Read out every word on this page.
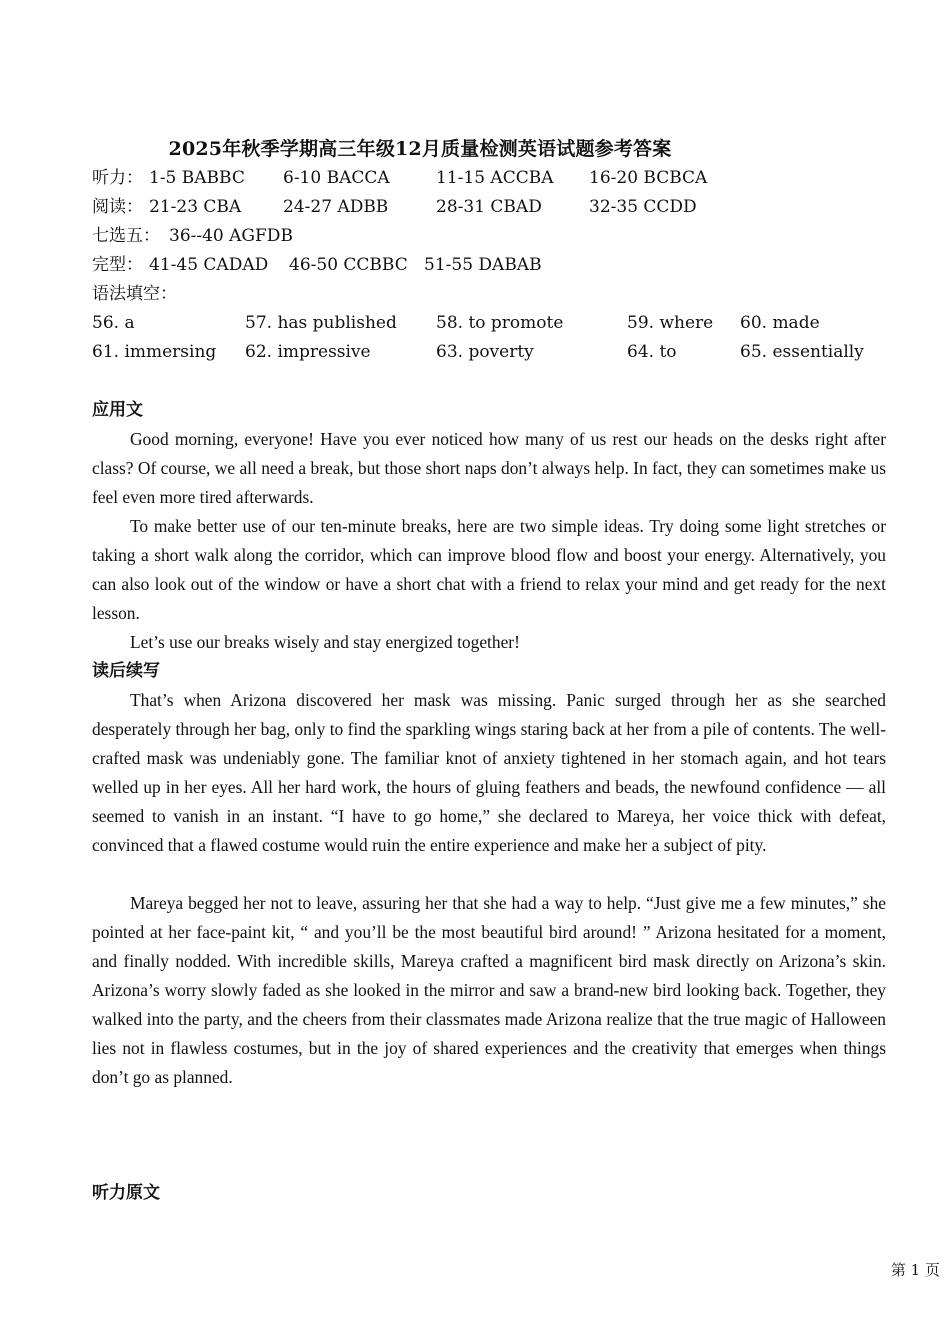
2025年秋季学期高三年级12月质量检测英语试题参考答案
听力： 1-5 BABBC 6-10 BACCA	11-15 ACCBA 16-20 BCBCA
阅读： 21-23 CBA 24-27 ADBB	28-31 CBAD	32-35 CCDD
七选五： 36--40 AGFDB
完型： 41-45 CADAD 46-50 CCBBC 51-55 DABAB
语法填空：
56. a	57. has published 58. to promote	59. where 60. made
61. immersing 62. impressive	63. poverty	64. to	65. essentially
应用文

Good morning, everyone! Have you ever noticed how many of us rest our heads on the desks right after class? Of course, we all need a break, but those short naps don’t always help. In fact, they can sometimes make us feel even more tired afterwards.

To make better use of our ten-minute breaks, here are two simple ideas. Try doing some light stretches or taking a short walk along the corridor, which can improve blood flow and boost your energy. Alternatively, you can also look out of the window or have a short chat with a friend to relax your mind and get ready for the next lesson.

Let’s use our breaks wisely and stay energized together!

读后续写

That’s when Arizona discovered her mask was missing. Panic surged through her as she searched desperately through her bag, only to find the sparkling wings staring back at her from a pile of contents. The well-crafted mask was undeniably gone. The familiar knot of anxiety tightened in her stomach again, and hot tears welled up in her eyes. All her hard work, the hours of gluing feathers and beads, the newfound confidence — all seemed to vanish in an instant. “I have to go home,” she declared to Mareya, her voice thick with defeat, convinced that a flawed costume would ruin the entire experience and make her a subject of pity.

Mareya begged her not to leave, assuring her that she had a way to help. “Just give me a few minutes,” she pointed at her face-paint kit, “ and you’ll be the most beautiful bird around! ” Arizona hesitated for a moment, and finally nodded. With incredible skills, Mareya crafted a magnificent bird mask directly on Arizona’s skin. Arizona’s worry slowly faded as she looked in the mirror and saw a brand-new bird looking back. Together, they walked into the party, and the cheers from their classmates made Arizona realize that the true magic of Halloween lies not in flawless costumes, but in the joy of shared experiences and the creativity that emerges when things don’t go as planned.

听力原文
第 1 页
